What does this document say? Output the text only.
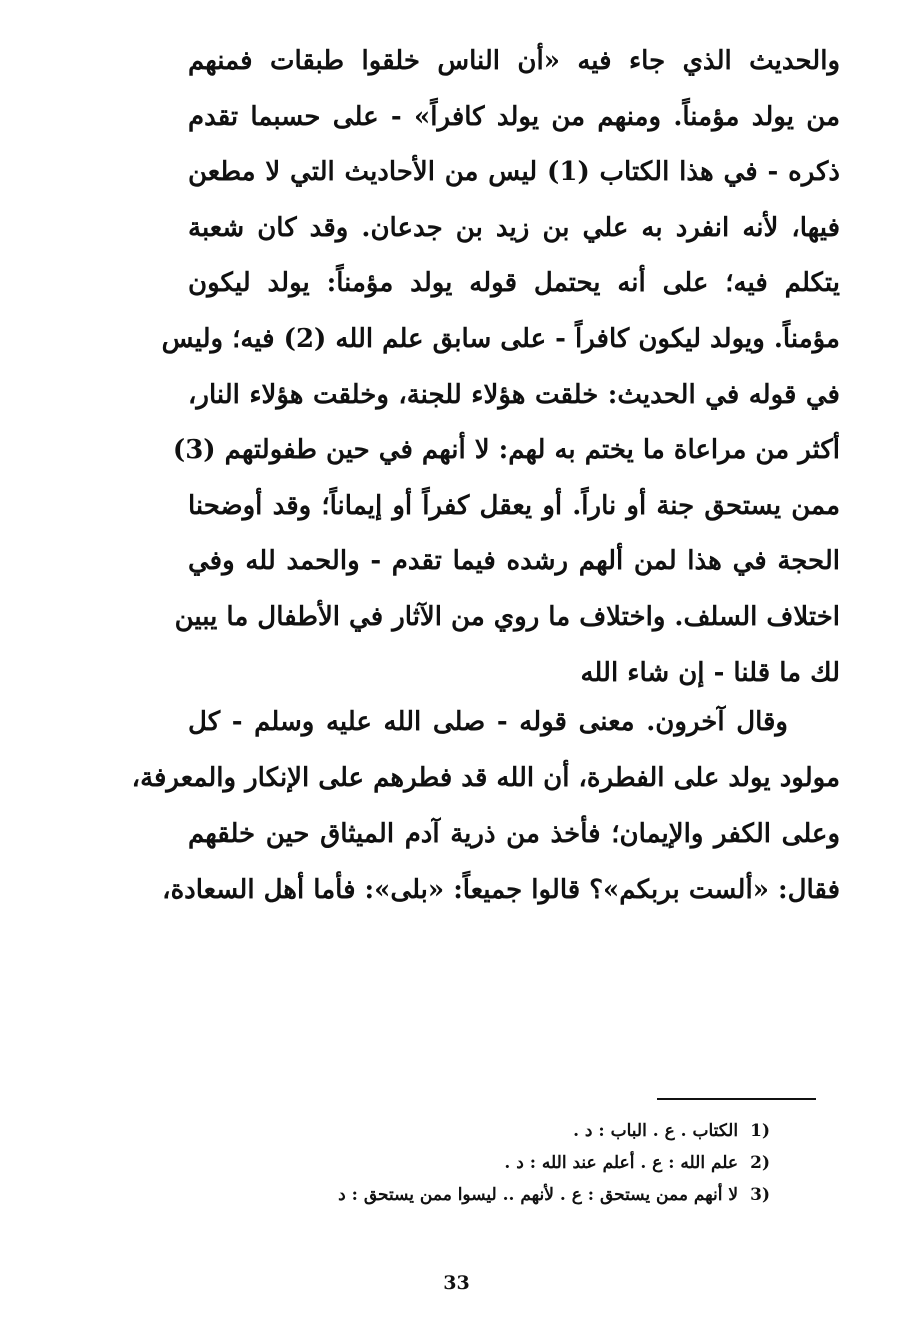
والحديث الذي جاء فيه «أن الناس خلقوا طبقات فمنهم
من يولد مؤمناً. ومنهم من يولد كافراً» - على حسبما تقدم
ذكره - في هذا الكتاب (1) ليس من الأحاديث التي لا مطعن
فيها، لأنه انفرد به علي بن زيد بن جدعان. وقد كان شعبة
يتكلم فيه؛ على أنه يحتمل قوله يولد مؤمناً: يولد ليكون
مؤمناً. ويولد ليكون كافراً - على سابق علم الله (2) فيه؛ وليس
في قوله في الحديث: خلقت هؤلاء للجنة، وخلقت هؤلاء النار،
أكثر من مراعاة ما يختم به لهم: لا أنهم في حين طفولتهم (3)
ممن يستحق جنة أو ناراً. أو يعقل كفراً أو إيماناً؛ وقد أوضحنا
الحجة في هذا لمن ألهم رشده فيما تقدم - والحمد لله وفي
اختلاف السلف. واختلاف ما روي من الآثار في الأطفال ما يبين
لك ما قلنا - إن شاء الله
وقال آخرون. معنى قوله - صلى الله عليه وسلم - كل
مولود يولد على الفطرة، أن الله قد فطرهم على الإنكار والمعرفة،
وعلى الكفر والإيمان؛ فأخذ من ذرية آدم الميثاق حين خلقهم
فقال: «ألست بربكم»؟ قالوا جميعاً: «بلى»: فأما أهل السعادة،
(1 الكتاب . ع . الباب : د .
(2 علم الله : ع . أعلم عند الله : د .
(3 لا أنهم ممن يستحق : ع . لأنهم .. ليسوا ممن يستحق : د
33
